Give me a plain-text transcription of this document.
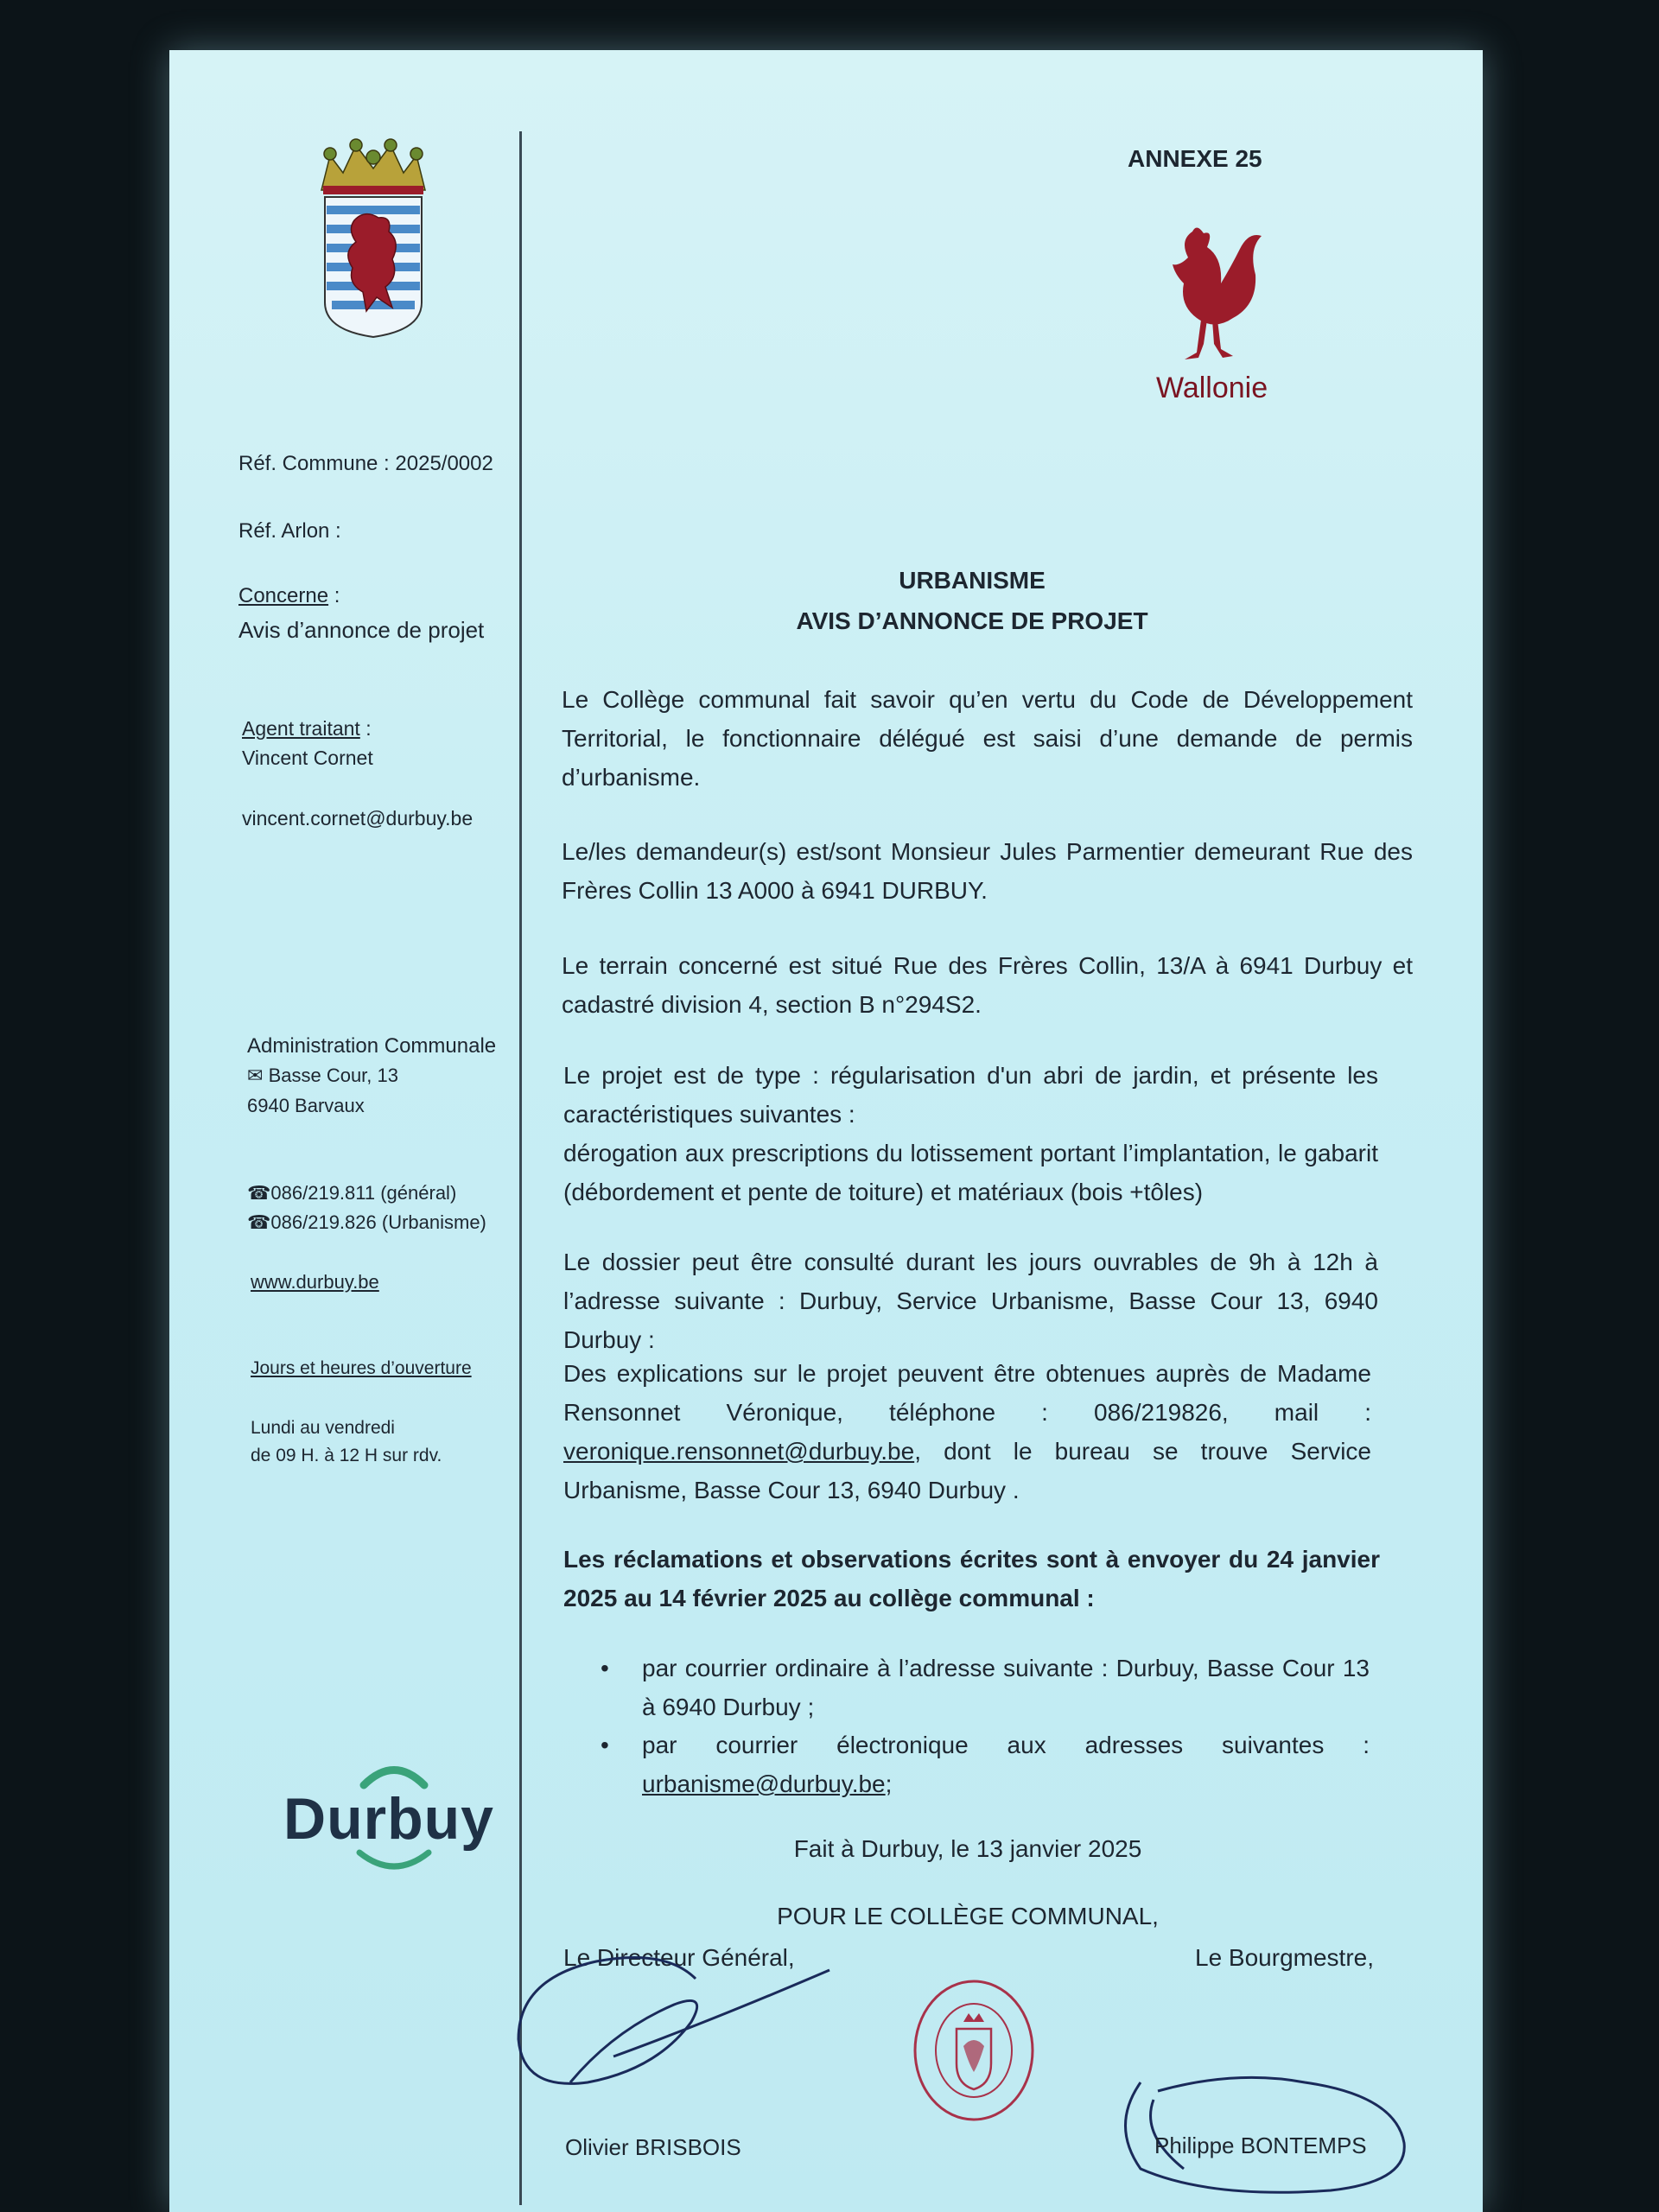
ANNEXE 25
Wallonie
Réf. Commune : 2025/0002
Réf. Arlon :
Concerne :
Avis d’annonce de projet
Agent traitant :
Vincent Cornet
vincent.cornet@durbuy.be
Administration Communale
✉ Basse Cour, 13
6940 Barvaux
☎086/219.811 (général)
☎086/219.826 (Urbanisme)
www.durbuy.be
Jours et heures d’ouverture
Lundi au vendredi
de 09 H. à 12 H sur rdv.
Durbuy
URBANISME
AVIS D’ANNONCE DE PROJET
Le Collège communal fait savoir qu’en vertu du Code de Développement Territorial, le fonctionnaire délégué est saisi d’une demande de permis d’urbanisme.
Le/les demandeur(s) est/sont Monsieur Jules Parmentier demeurant Rue des Frères Collin 13 A000 à 6941 DURBUY.
Le terrain concerné est situé Rue des Frères Collin, 13/A à 6941 Durbuy et cadastré division 4, section B n°294S2.
Le projet est de type : régularisation d'un abri de jardin, et présente les caractéristiques suivantes :
dérogation aux prescriptions du lotissement portant l’implantation, le gabarit (débordement et pente de toiture) et matériaux (bois +tôles)
Le dossier peut être consulté durant les jours ouvrables de 9h à 12h à l’adresse suivante : Durbuy, Service Urbanisme, Basse Cour 13, 6940 Durbuy :
Des explications sur le projet peuvent être obtenues auprès de Madame Rensonnet Véronique, téléphone : 086/219826, mail : veronique.rensonnet@durbuy.be, dont le bureau se trouve Service Urbanisme, Basse Cour 13, 6940 Durbuy .
Les réclamations et observations écrites sont à envoyer du 24 janvier 2025 au 14 février 2025 au collège communal :
• par courrier ordinaire à l’adresse suivante : Durbuy, Basse Cour 13 à 6940 Durbuy ;
• par courrier électronique aux adresses suivantes : urbanisme@durbuy.be;
Fait à Durbuy, le 13 janvier 2025
POUR LE COLLÈGE COMMUNAL,
Le Directeur Général,	Le Bourgmestre,
Olivier BRISBOIS	Philippe BONTEMPS
